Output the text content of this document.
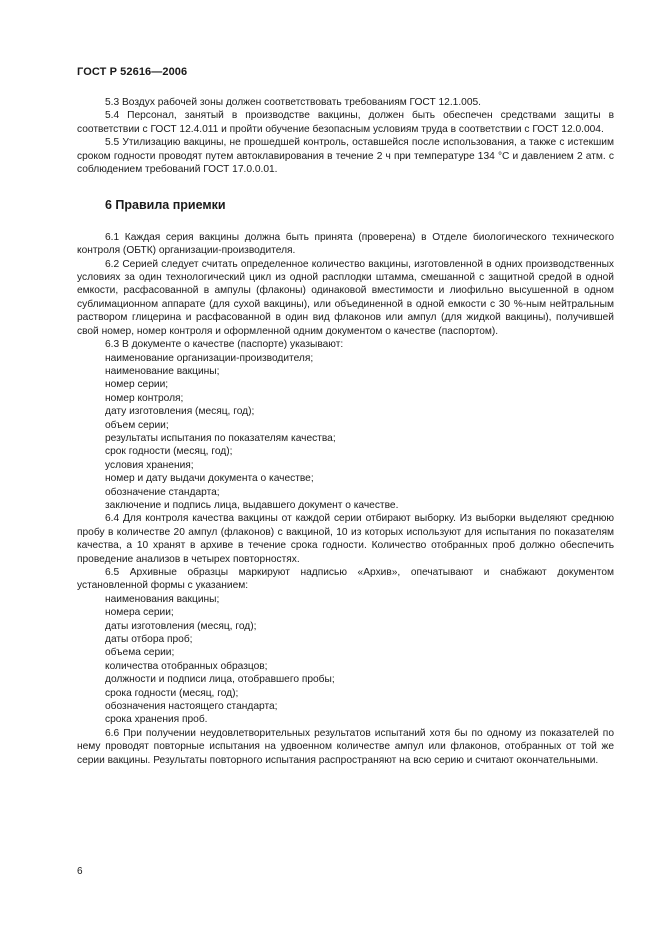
ГОСТ Р 52616—2006

5.3 Воздух рабочей зоны должен соответствовать требованиям ГОСТ 12.1.005.

5.4 Персонал, занятый в производстве вакцины, должен быть обеспечен средствами защиты в соответствии с ГОСТ 12.4.011 и пройти обучение безопасным условиям труда в соответствии с ГОСТ 12.0.004.

5.5 Утилизацию вакцины, не прошедшей контроль, оставшейся после использования, а также с истекшим сроком годности проводят путем автоклавирования в течение 2 ч при температуре 134 °С и давлением 2 атм. с соблюдением требований ГОСТ 17.0.0.01.

6 Правила приемки

6.1 Каждая серия вакцины должна быть принята (проверена) в Отделе биологического технического контроля (ОБТК) организации-производителя.

6.2 Серией следует считать определенное количество вакцины, изготовленной в одних производственных условиях за один технологический цикл из одной расплодки штамма, смешанной с защитной средой в одной емкости, расфасованной в ампулы (флаконы) одинаковой вместимости и лиофильно высушенной в одном сублимационном аппарате (для сухой вакцины), или объединенной в одной емкости с 30 %-ным нейтральным раствором глицерина и расфасованной в один вид флаконов или ампул (для жидкой вакцины), получившей свой номер, номер контроля и оформленной одним документом о качестве (паспортом).

6.3 В документе о качестве (паспорте) указывают:

наименование организации-производителя;

наименование вакцины;

номер серии;

номер контроля;

дату изготовления (месяц, год);

объем серии;

результаты испытания по показателям качества;

срок годности (месяц, год);

условия хранения;

номер и дату выдачи документа о качестве;

обозначение стандарта;

заключение и подпись лица, выдавшего документ о качестве.

6.4 Для контроля качества вакцины от каждой серии отбирают выборку. Из выборки выделяют среднюю пробу в количестве 20 ампул (флаконов) с вакциной, 10 из которых используют для испытания по показателям качества, а 10 хранят в архиве в течение срока годности. Количество отобранных проб должно обеспечить проведение анализов в четырех повторностях.

6.5 Архивные образцы маркируют надписью «Архив», опечатывают и снабжают документом установленной формы с указанием:

наименования вакцины;

номера серии;

даты изготовления (месяц, год);

даты отбора проб;

объема серии;

количества отобранных образцов;

должности и подписи лица, отобравшего пробы;

срока годности (месяц, год);

обозначения настоящего стандарта;

срока хранения проб.

6.6 При получении неудовлетворительных результатов испытаний хотя бы по одному из показателей по нему проводят повторные испытания на удвоенном количестве ампул или флаконов, отобранных от той же серии вакцины. Результаты повторного испытания распространяют на всю серию и считают окончательными.

6
